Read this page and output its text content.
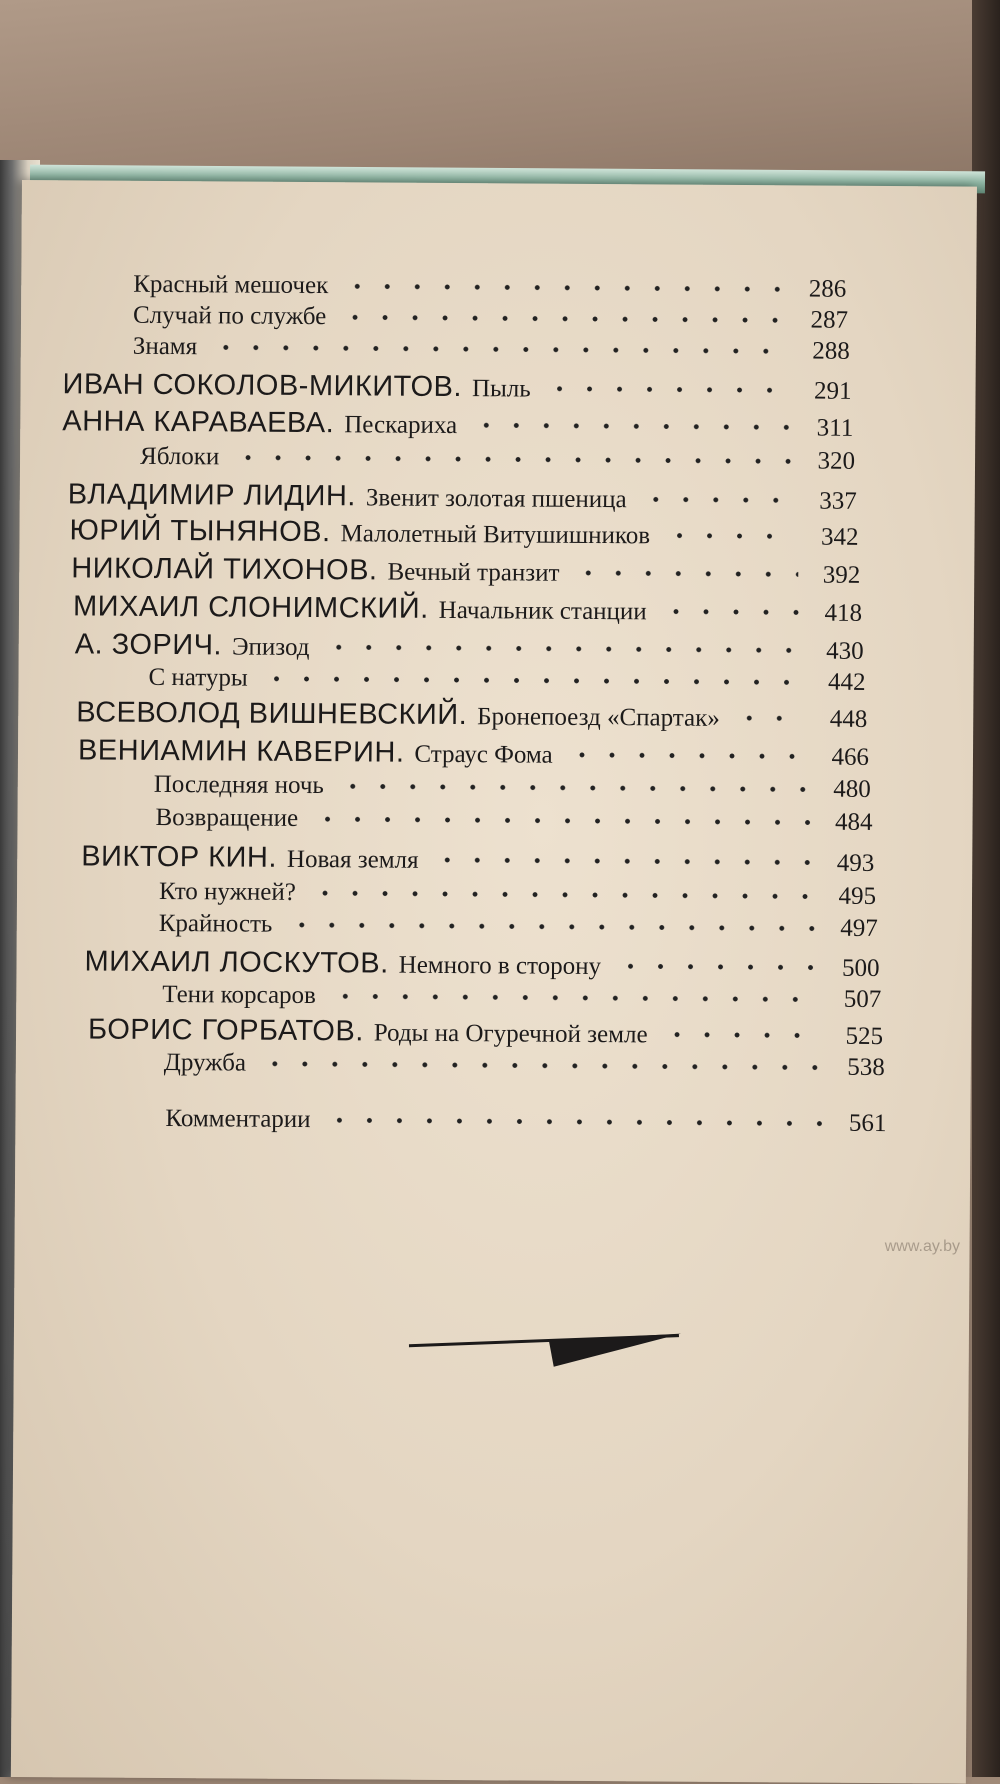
Красный мешочек	286
Случай по службе	287
Знамя	288
ИВАН СОКОЛОВ-МИКИТОВ. Пыль	291
АННА КАРАВАЕВА. Пескариха	311
Яблоки	320
ВЛАДИМИР ЛИДИН. Звенит золотая пшеница	337
ЮРИЙ ТЫНЯНОВ. Малолетный Витушишников	342
НИКОЛАЙ ТИХОНОВ. Вечный транзит	392
МИХАИЛ СЛОНИМСКИЙ. Начальник станции	418
А. ЗОРИЧ. Эпизод	430
С натуры	442
ВСЕВОЛОД ВИШНЕВСКИЙ. Бронепоезд «Спартак»	448
ВЕНИАМИН КАВЕРИН. Страус Фома	466
Последняя ночь	480
Возвращение	484
ВИКТОР КИН. Новая земля	493
Кто нужней?	495
Крайность	497
МИХАИЛ ЛОСКУТОВ. Немного в сторону	500
Тени корсаров	507
БОРИС ГОРБАТОВ. Роды на Огуречной земле	525
Дружба	538
Комментарии	561
www.ay.by
